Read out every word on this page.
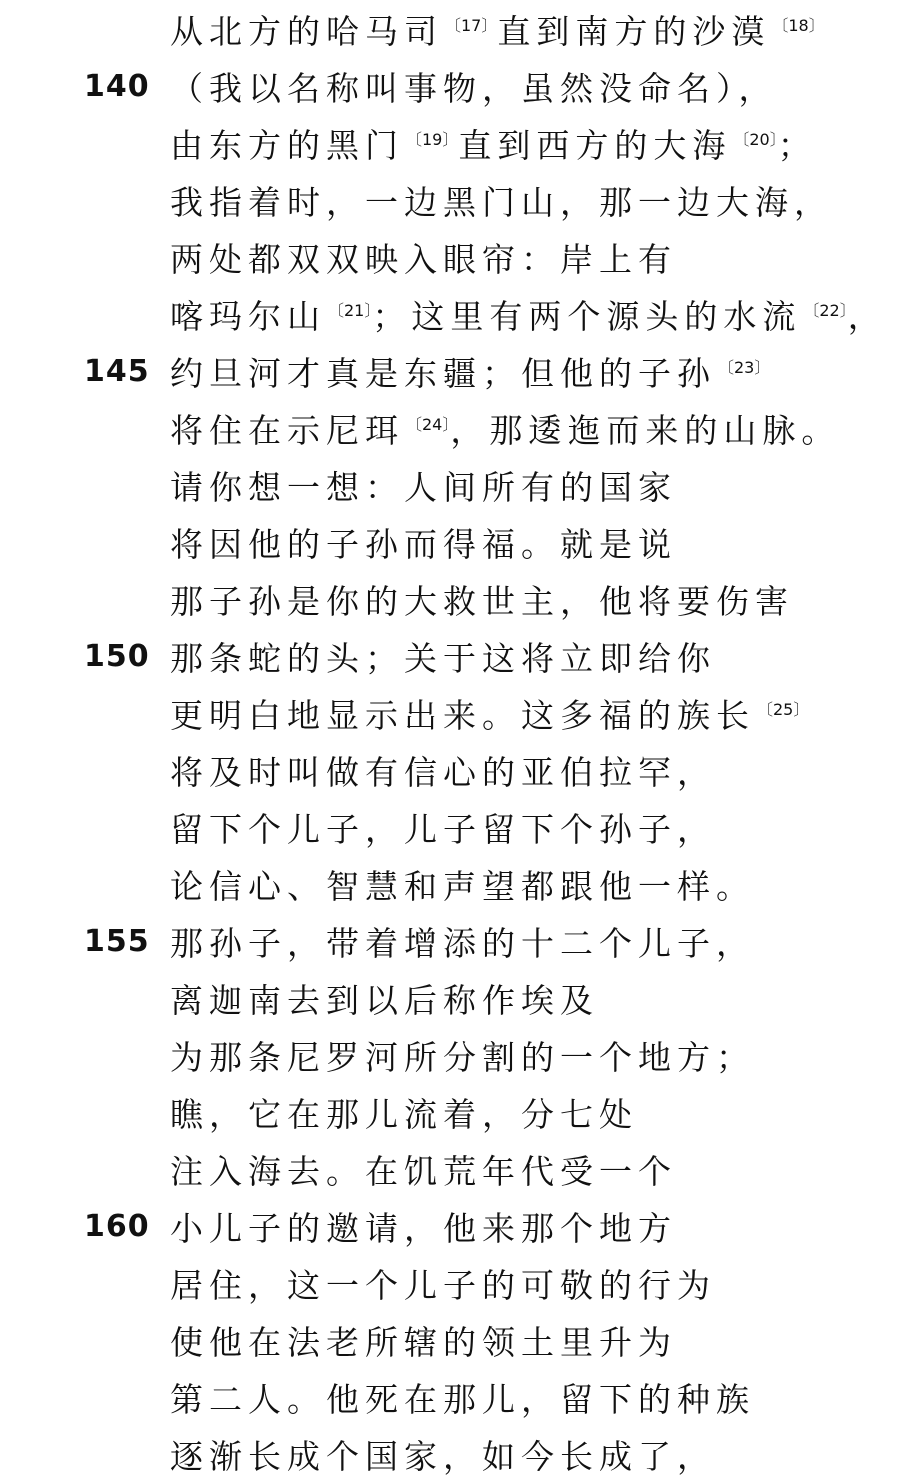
从北方的哈马司 $^{〔17〕}$直到南方的沙漠 $^{〔18〕}$
140 （我以名称叫事物，虽然没命名），
由东方的黑门 $^{〔19〕}$直到西方的大海 $^{〔20〕}$；
我指着时，一边黑门山，那一边大海，
两处都双双映入眼帘：岸上有
喀玛尔山 $^{〔21〕}$；这里有两个源头的水流 $^{〔22〕}$，
145 约旦河才真是东疆；但他的子孙 $^{〔23〕}$
将住在示尼珥 $^{〔24〕}$，那逶迤而来的山脉。
请你想一想：人间所有的国家
将因他的子孙而得福。就是说
那子孙是你的大救世主，他将要伤害
150 那条蛇的头；关于这将立即给你
更明白地显示出来。这多福的族长 $^{〔25〕}$
将及时叫做有信心的亚伯拉罕，
留下个儿子，儿子留下个孙子，
论信心、智慧和声望都跟他一样。
155 那孙子，带着增添的十二个儿子，
离迦南去到以后称作埃及
为那条尼罗河所分割的一个地方；
瞧，它在那儿流着，分七处
注入海去。在饥荒年代受一个
160 小儿子的邀请，他来那个地方
居住，这一个儿子的可敬的行为
使他在法老所辖的领土里升为
第二人。他死在那儿，留下的种族
逐渐长成个国家，如今长成了，
